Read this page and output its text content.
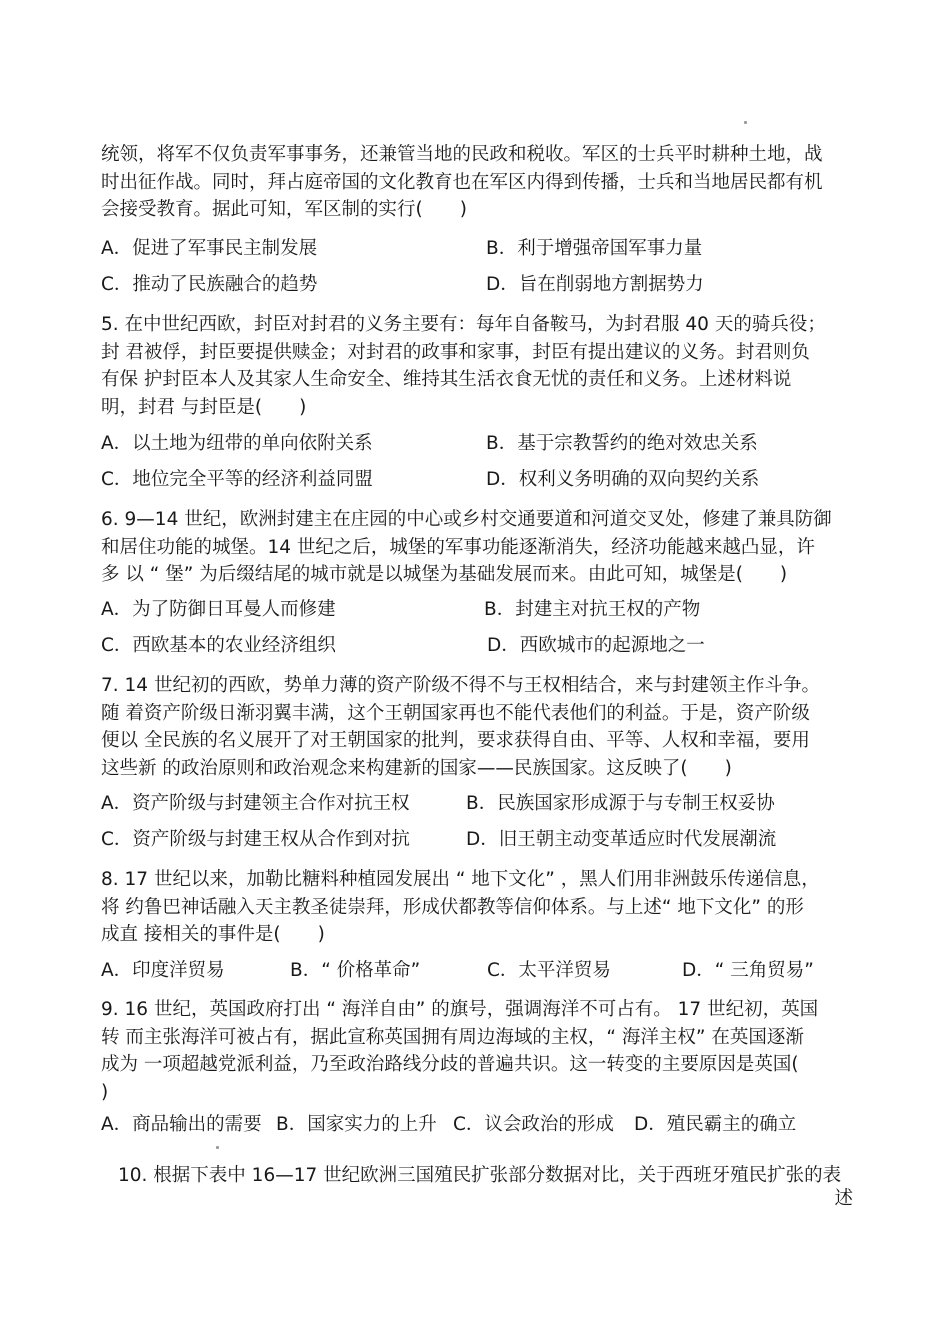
统领，将军不仅负责军事事务，还兼管当地的民政和税收。军区的士兵平时耕种土地，战
时出征作战。同时，拜占庭帝国的文化教育也在军区内得到传播，士兵和当地居民都有机
会接受教育。据此可知，军区制的实行(　　)
A．促进了军事民主制发展	B．利于增强帝国军事力量
C．推动了民族融合的趋势	D．旨在削弱地方割据势力
5. 在中世纪西欧，封臣对封君的义务主要有：每年自备鞍马，为封君服 40 天的骑兵役；
封 君被俘，封臣要提供赎金；对封君的政事和家事，封臣有提出建议的义务。封君则负
有保 护封臣本人及其家人生命安全、维持其生活衣食无忧的责任和义务。上述材料说
明，封君 与封臣是(　　)
A．以土地为纽带的单向依附关系	B．基于宗教誓约的绝对效忠关系
C．地位完全平等的经济利益同盟	D．权利义务明确的双向契约关系
6. 9—14 世纪，欧洲封建主在庄园的中心或乡村交通要道和河道交叉处，修建了兼具防御
和居住功能的城堡。14 世纪之后，城堡的军事功能逐渐消失，经济功能越来越凸显，许
多 以 “ 堡” 为后缀结尾的城市就是以城堡为基础发展而来。由此可知，城堡是(　　)
A．为了防御日耳曼人而修建	B．封建主对抗王权的产物
C．西欧基本的农业经济组织	D．西欧城市的起源地之一
7. 14 世纪初的西欧，势单力薄的资产阶级不得不与王权相结合，来与封建领主作斗争。
随 着资产阶级日渐羽翼丰满，这个王朝国家再也不能代表他们的利益。于是，资产阶级
便以 全民族的名义展开了对王朝国家的批判，要求获得自由、平等、人权和幸福，要用
这些新 的政治原则和政治观念来构建新的国家——民族国家。这反映了(　　)
A．资产阶级与封建领主合作对抗王权	B．民族国家形成源于与专制王权妥协
C．资产阶级与封建王权从合作到对抗	D．旧王朝主动变革适应时代发展潮流
8. 17 世纪以来，加勒比糖料种植园发展出 “ 地下文化” ，黑人们用非洲鼓乐传递信息，
将 约鲁巴神话融入天主教圣徒崇拜，形成伏都教等信仰体系。与上述“ 地下文化” 的形
成直 接相关的事件是(　　)
A．印度洋贸易	B．“ 价格革命”	C．太平洋贸易	D．“ 三角贸易”
9. 16 世纪，英国政府打出 “ 海洋自由” 的旗号，强调海洋不可占有。 17 世纪初，英国
转 而主张海洋可被占有，据此宣称英国拥有周边海域的主权，“ 海洋主权” 在英国逐渐
成为 一项超越党派利益，乃至政治路线分歧的普遍共识。这一转变的主要原因是英国(
)
A．商品输出的需要 B．国家实力的上升 C．议会政治的形成 D．殖民霸主的确立
10. 根据下表中 16—17 世纪欧洲三国殖民扩张部分数据对比，关于西班牙殖民扩张的表
述
